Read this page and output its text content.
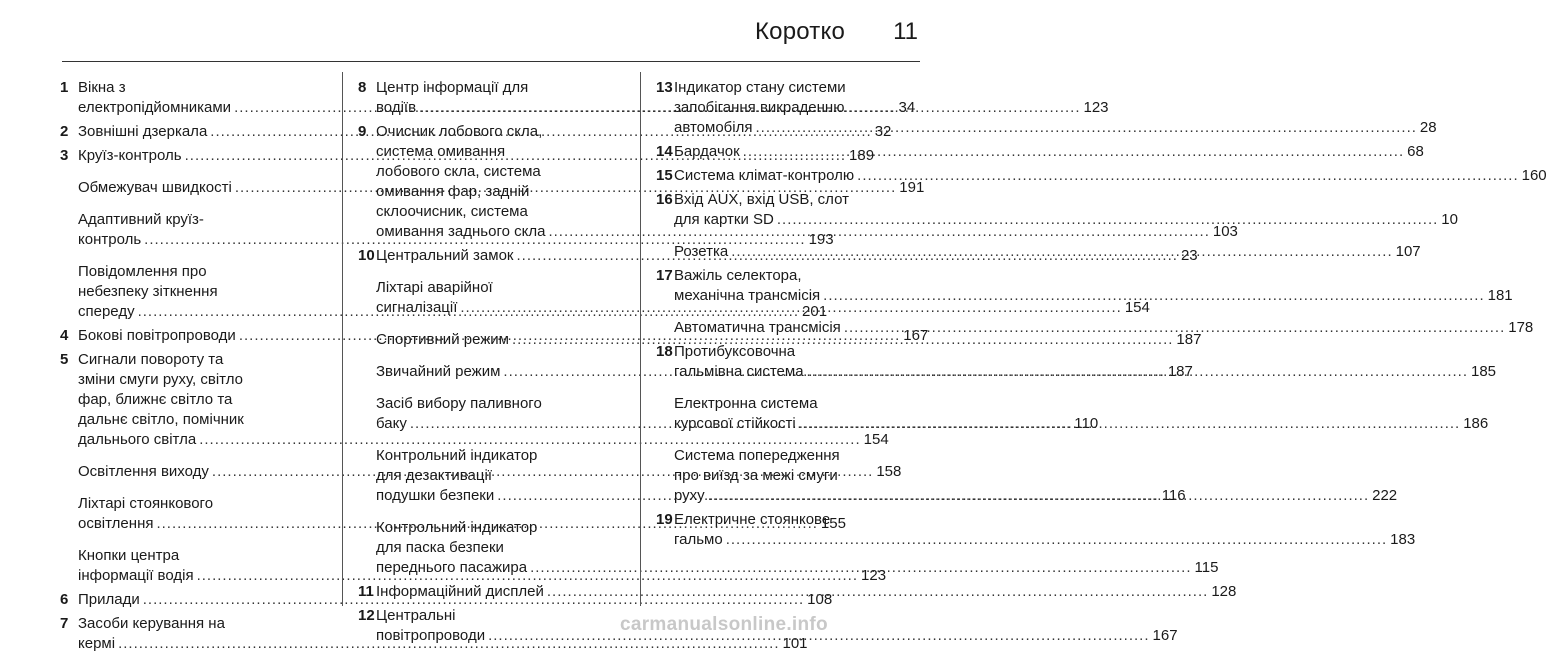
Коротко 11
1 Вікна з
електропідйомниками .....	34
2 Зовнішні дзеркала .....	32
3 Круїз-контроль .....	189
Обмежувач швидкості .....	191
Адаптивний круїз-
контроль .....	193
Повідомлення про
небезпеку зіткнення
спереду .....	201
4 Бокові повітропроводи .....	167
5 Сигнали повороту та
зміни смуги руху, світло
фар, ближнє світло та
дальнє світло, помічник
дальнього світла .....	154
Освітлення виходу .....	158
Ліхтарі стоянкового
освітлення .....	155
Кнопки центра
інформації водія .....	123
6 Прилади .....	108
7 Засоби керування на
кермі .....	101
8 Центр інформації для
водіїв .....	123
9 Очисник лобового скла,
система омивання
лобового скла, система
омивання фар, задній
склоочисник, система
омивання заднього скла .....	103
10 Центральний замок .....	23
Ліхтарі аварійної
сигналізації .....	154
Спортивний режим .....	187
Звичайний режим .....	187
Засіб вибору паливного
баку .....	110
Контрольний індикатор
для дезактивації
подушки безпеки .....	116
Контрольний індикатор
для паска безпеки
переднього пасажира .....	115
11 Інформаційний дисплей .....	128
12 Центральні
повітропроводи .....	167
13 Індикатор стану системи
запобігання викраденню
автомобіля .....	28
14 Бардачок .....	68
15 Система клімат-контролю .....	160
16 Вхід AUX, вхід USB, слот
для картки SD .....	10
Розетка .....	107
17 Важіль селектора,
механічна трансмісія .....	181
Автоматична трансмісія .....	178
18 Протибуксовочна
гальмівна система .....	185
Електронна система
курсової стійкості .....	186
Система попередження
про виїзд за межі смуги
руху .....	222
19 Електричне стоянкове
гальмо .....	183
carmanualsonline.info
